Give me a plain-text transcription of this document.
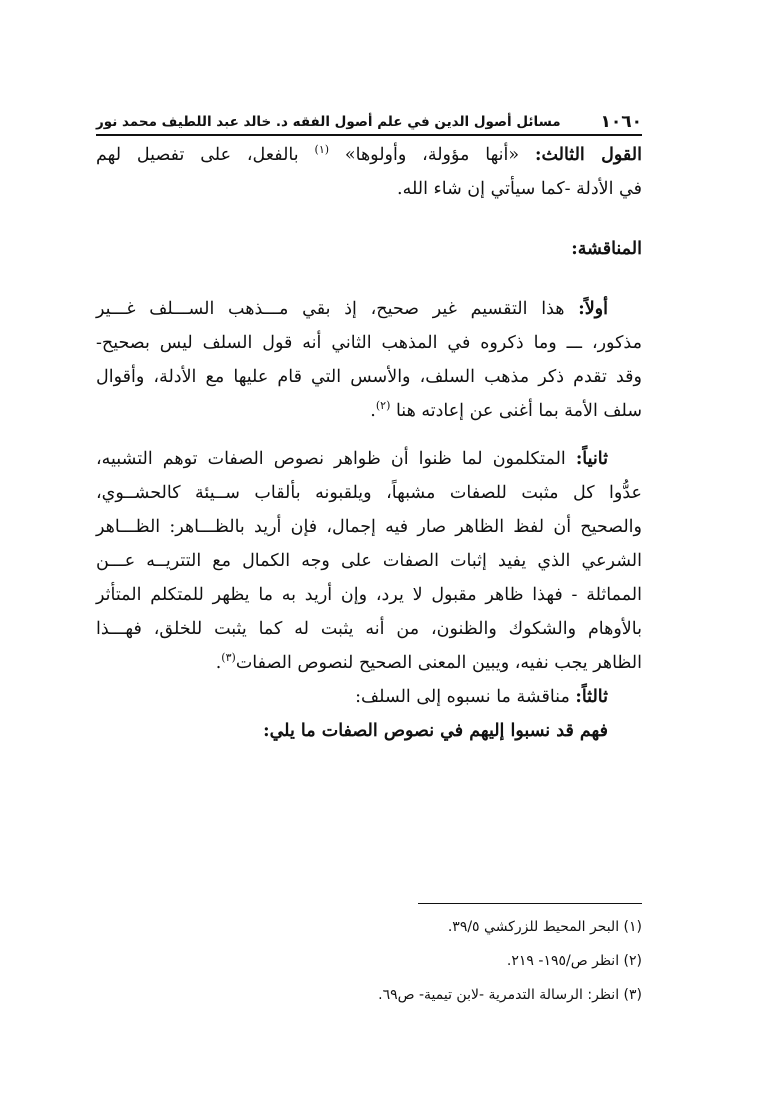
١٠٦٠
مسائل أصول الدين في علم أصول الفقه د. خالد عبد اللطيف محمد نور
القول الثالث: «أنها مؤولة، وأولوها» $^{(١)}$ بالفعل، على تفصيل لهم
في الأدلة -كما سيأتي إن شاء الله.
المناقشة:
أولاً: هذا التقسيم غير صحيح، إذ بقي مـــذهب الســـلف غـــير
مذكور، ـــ وما ذكروه في المذهب الثاني أنه قول السلف ليس بصحيح-
وقد تقدم ذكر مذهب السلف، والأسس التي قام عليها مع الأدلة، وأقوال
سلف الأمة بما أغنى عن إعادته هنا $^{(٢)}$.
ثانياً: المتكلمون لما ظنوا أن ظواهر نصوص الصفات توهم التشبيه،
عدُّوا كل مثبت للصفات مشبهاً، ويلقبونه بألقاب ســيئة كالحشــوي،
والصحيح أن لفظ الظاهر صار فيه إجمال، فإن أريد بالظـــاهر: الظـــاهر
الشرعي الذي يفيد إثبات الصفات على وجه الكمال مع التتريــه عـــن
المماثلة - فهذا ظاهر مقبول لا يرد، وإن أريد به ما يظهر للمتكلم المتأثر
بالأوهام والشكوك والظنون، من أنه يثبت له كما يثبت للخلق، فهـــذا
الظاهر يجب نفيه، ويبين المعنى الصحيح لنصوص الصفات$^{(٣)}$.
ثالثاً: مناقشة ما نسبوه إلى السلف:
فهم قد نسبوا إليهم في نصوص الصفات ما يلي:

(١) البحر المحيط للزركشي ٣٩/٥.

(٢) انظر ص/١٩٥- ٢١٩.

(٣) انظر: الرسالة التدمرية -لابن تيمية- ص٦٩.
